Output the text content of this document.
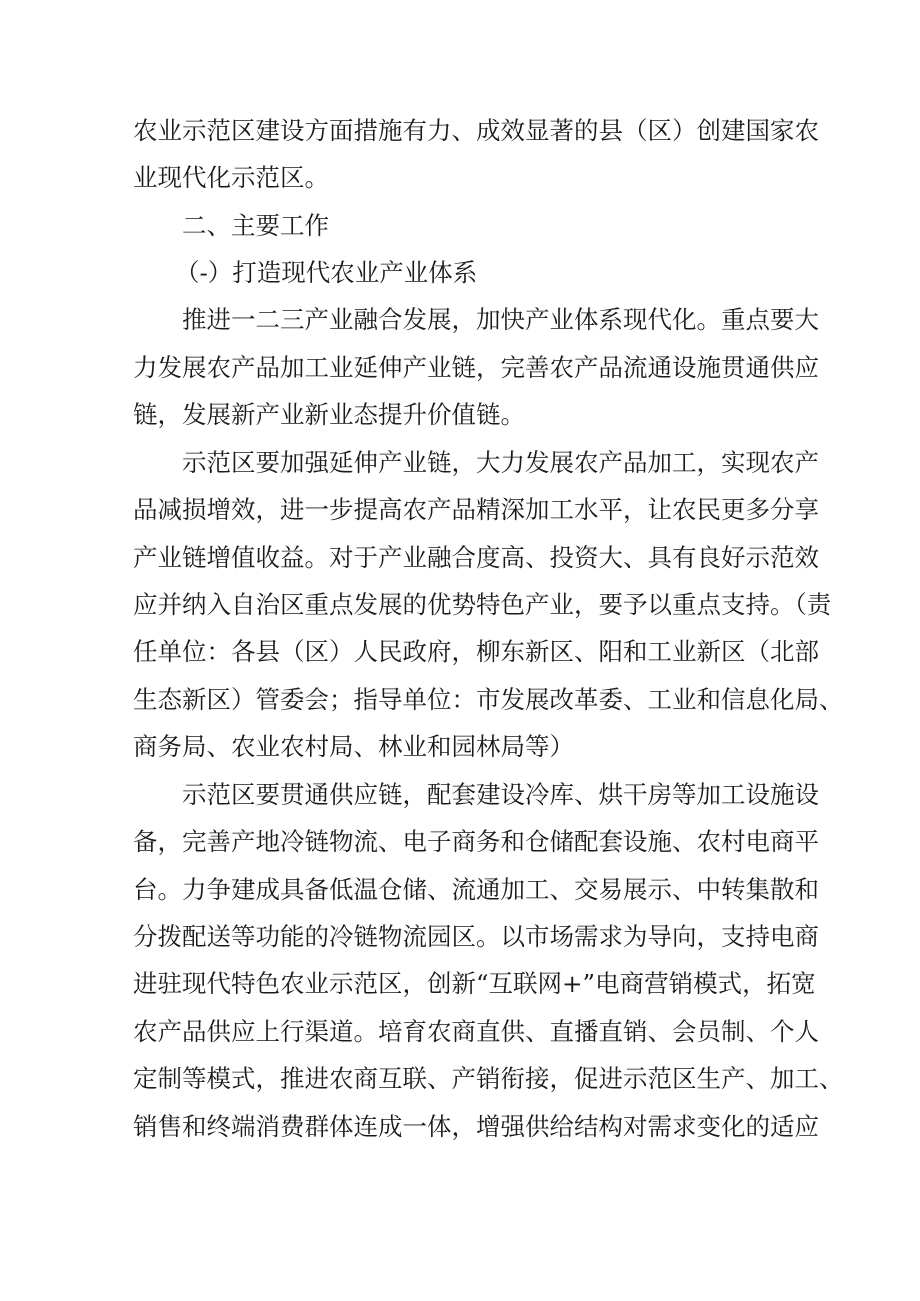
农业示范区建设方面措施有力、成效显著的县（区）创建国家农

业现代化示范区。

二、主要工作

（-）打造现代农业产业体系

推进一二三产业融合发展，加快产业体系现代化。重点要大

力发展农产品加工业延伸产业链，完善农产品流通设施贯通供应

链，发展新产业新业态提升价值链。

示范区要加强延伸产业链，大力发展农产品加工，实现农产

品减损增效，进一步提高农产品精深加工水平，让农民更多分享

产业链增值收益。对于产业融合度高、投资大、具有良好示范效

应并纳入自治区重点发展的优势特色产业，要予以重点支持。（责

任单位：各县（区）人民政府，柳东新区、阳和工业新区（北部

生态新区）管委会；指导单位：市发展改革委、工业和信息化局、

商务局、农业农村局、林业和园林局等）

示范区要贯通供应链，配套建设冷库、烘干房等加工设施设

备，完善产地冷链物流、电子商务和仓储配套设施、农村电商平

台。力争建成具备低温仓储、流通加工、交易展示、中转集散和

分拨配送等功能的冷链物流园区。以市场需求为导向，支持电商

进驻现代特色农业示范区，创新“互联网+”电商营销模式，拓宽

农产品供应上行渠道。培育农商直供、直播直销、会员制、个人

定制等模式，推进农商互联、产销衔接，促进示范区生产、加工、

销售和终端消费群体连成一体，增强供给结构对需求变化的适应
